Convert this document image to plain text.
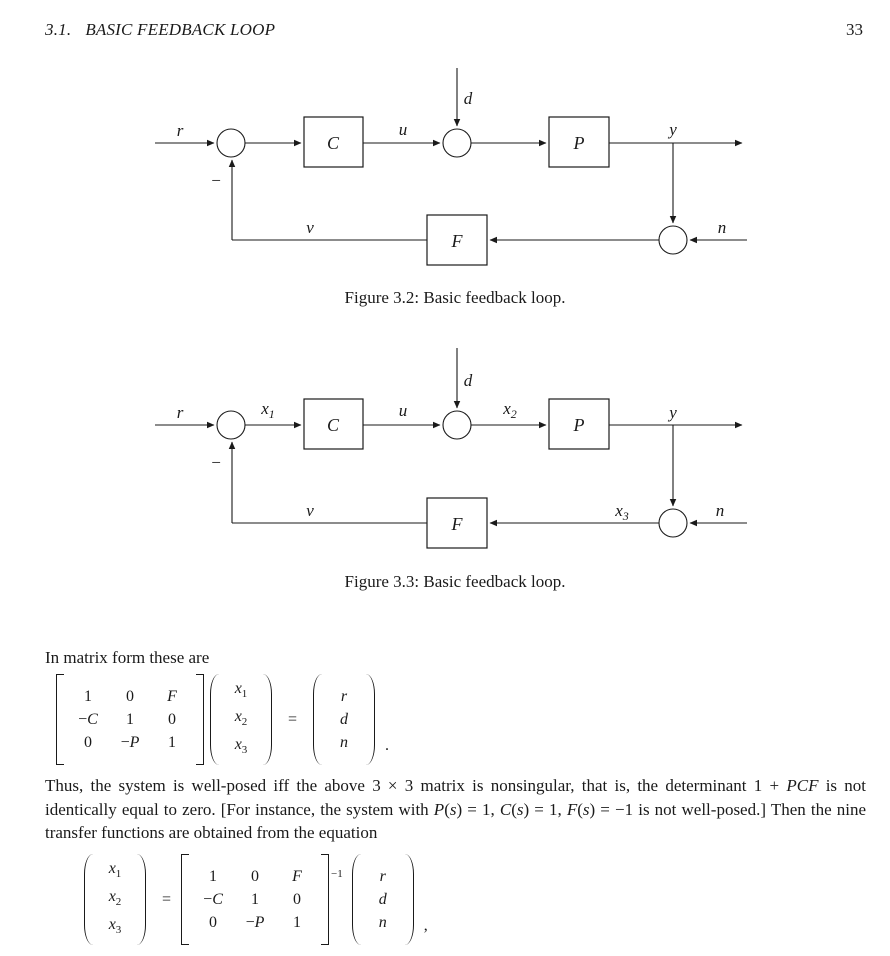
3.1. BASIC FEEDBACK LOOP	33
r
−
C
u
d
P
y
n
F
v
Figure 3.2: Basic feedback loop.
r	$x_1$
−
C
u
d
$x_2$
P
y
$x_3$	n
F
v
Figure 3.3: Basic feedback loop.
In matrix form these are
1 0 F
−C 1 0
0 −P 1
$x_1$
$x_2$
$x_3$
=
r
d
n	.
Thus, the system is well-posed iff the above 3 × 3 matrix is nonsingular, that is, the determinant 1 + PCF is not identically equal to zero. [For instance, the system with P(s) = 1, C(s) = 1, F(s) = −1 is not well-posed.] Then the nine transfer functions are obtained from the equation
$x_1$
$x_2$
$x_3$
=
1 0 F
−C 1 0
0 −P 1
−1	r
d
n	,
